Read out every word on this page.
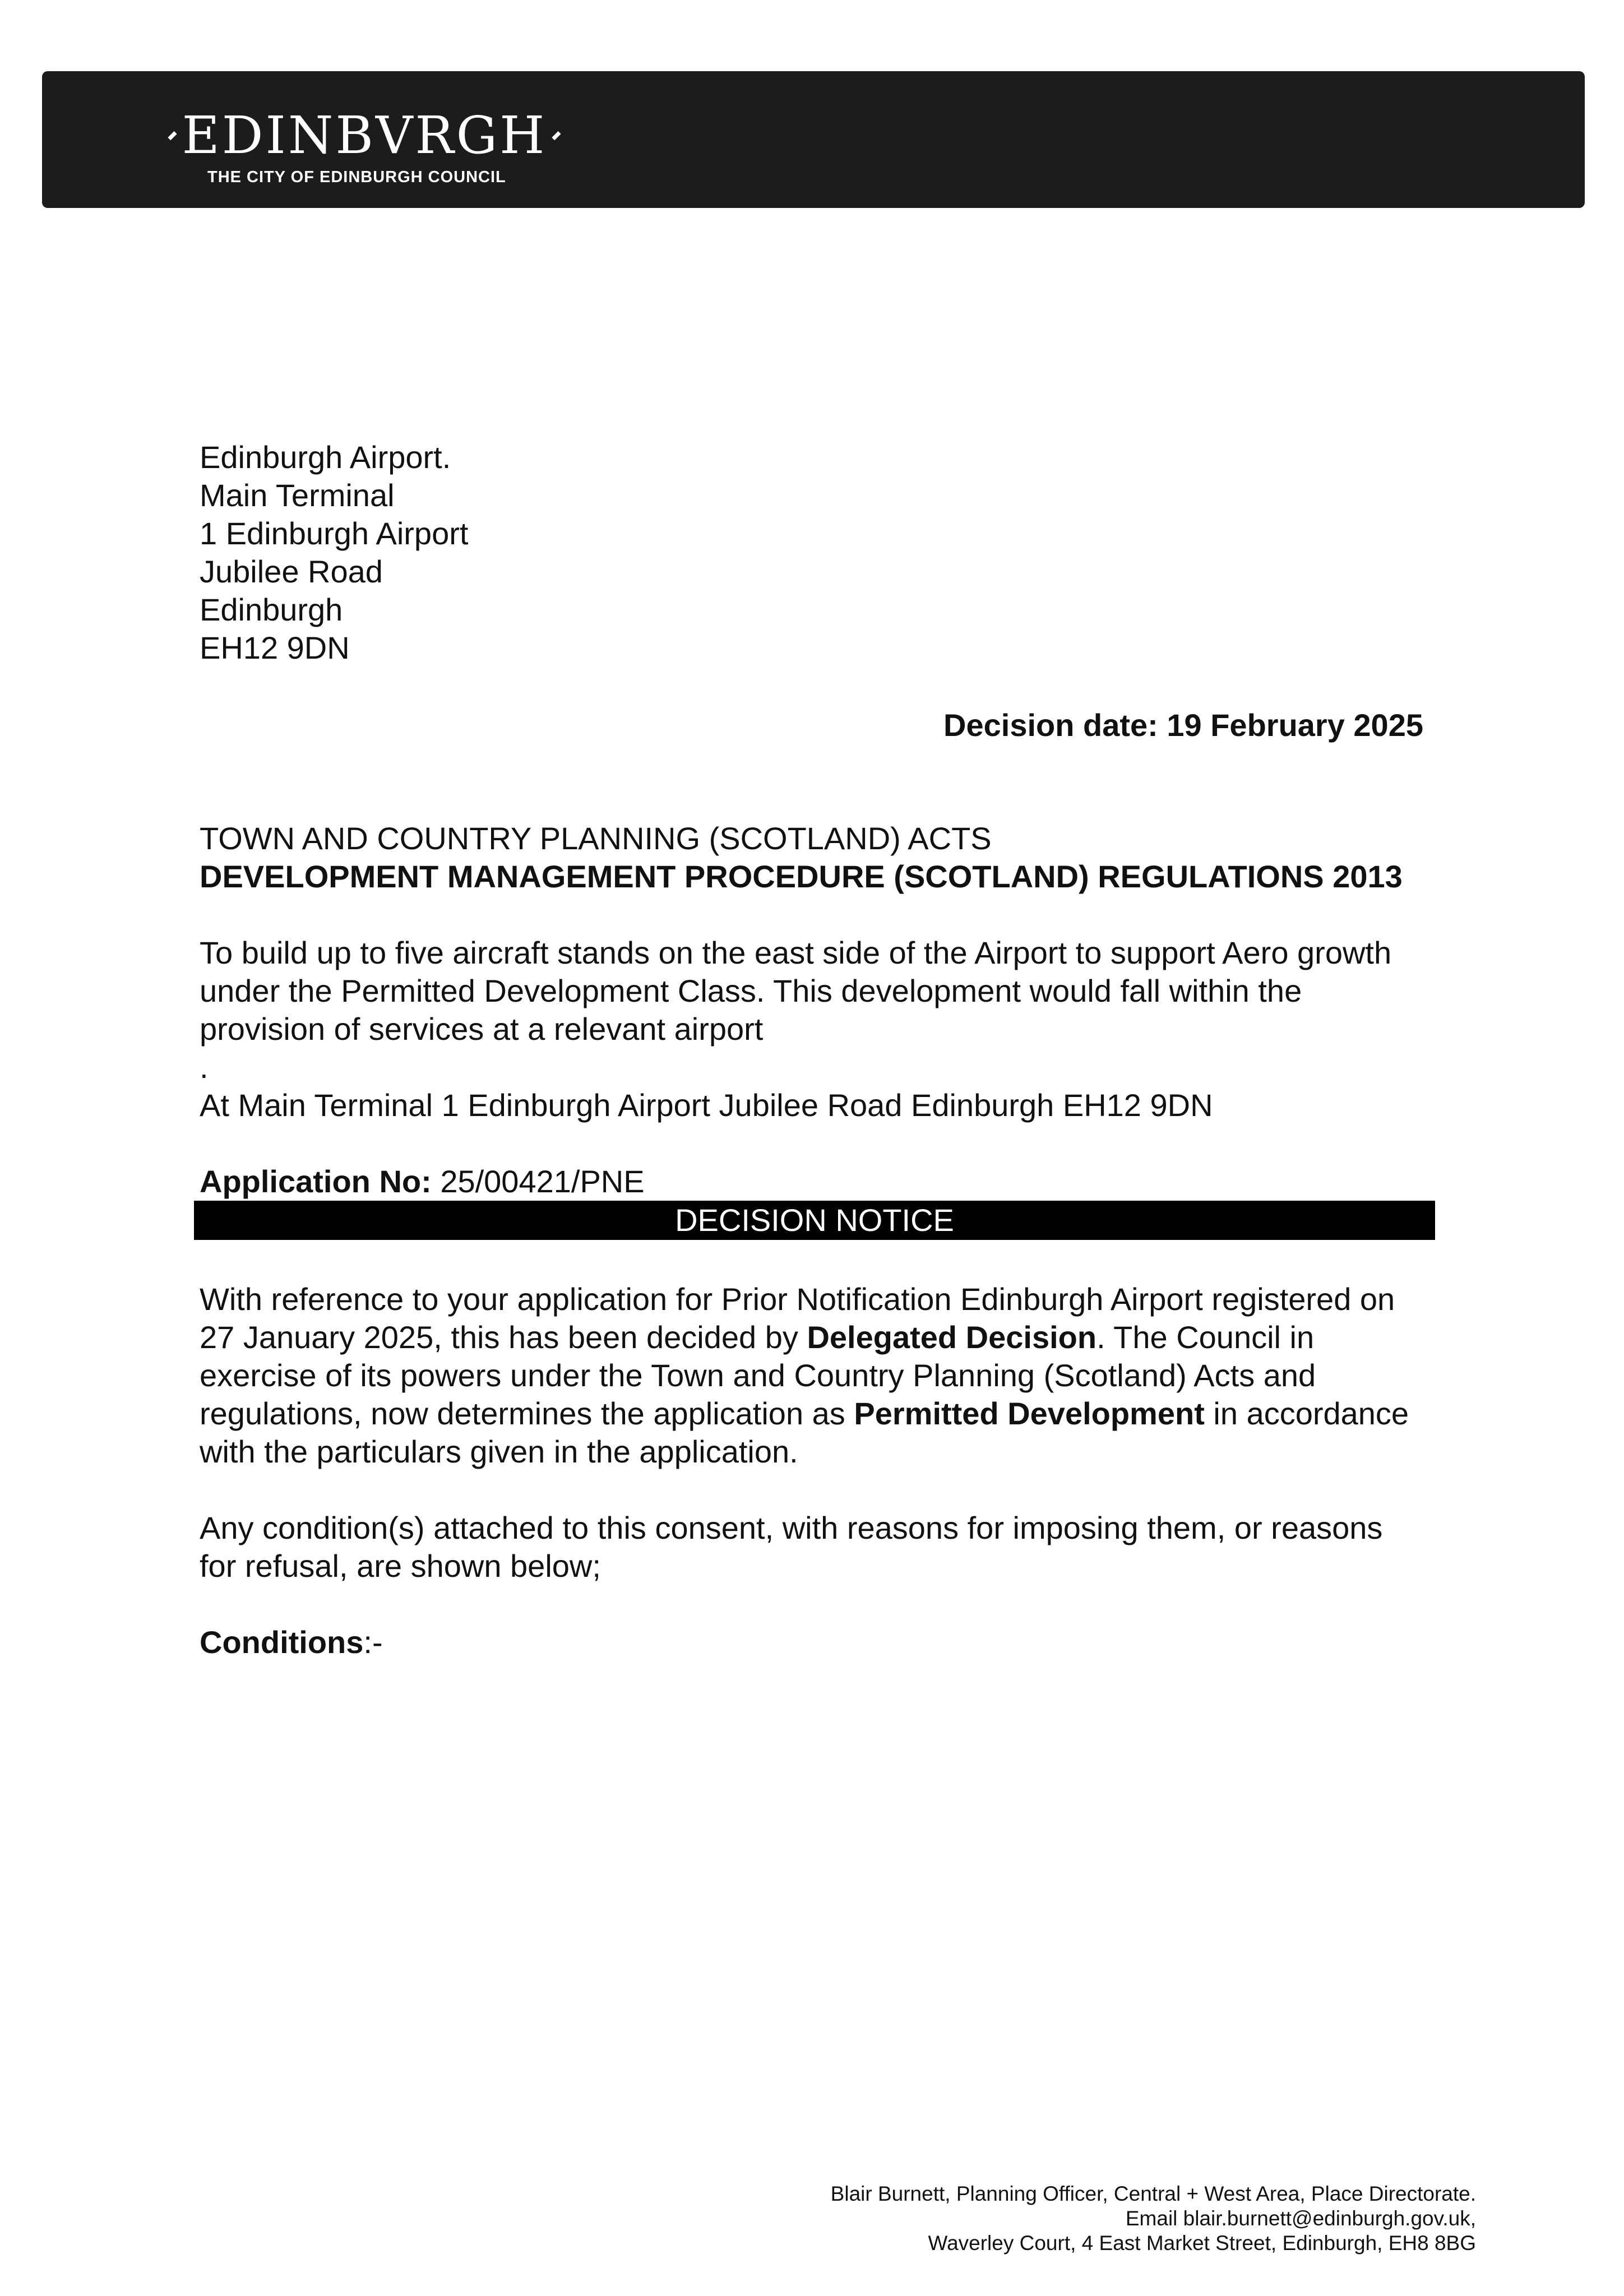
EDINBVRGH
THE CITY OF EDINBURGH COUNCIL
Edinburgh Airport.
Main Terminal
1 Edinburgh Airport
Jubilee Road
Edinburgh
EH12 9DN
Decision date: 19 February 2025
TOWN AND COUNTRY PLANNING (SCOTLAND) ACTS
DEVELOPMENT MANAGEMENT PROCEDURE (SCOTLAND) REGULATIONS 2013
To build up to five aircraft stands on the east side of the Airport to support Aero growth
under the Permitted Development Class. This development would fall within the
provision of services at a relevant airport
.
At Main Terminal 1 Edinburgh Airport Jubilee Road Edinburgh EH12 9DN
Application No: 25/00421/PNE
DECISION NOTICE
With reference to your application for Prior Notification Edinburgh Airport registered on
27 January 2025, this has been decided by Delegated Decision. The Council in
exercise of its powers under the Town and Country Planning (Scotland) Acts and
regulations, now determines the application as Permitted Development in accordance
with the particulars given in the application.
Any condition(s) attached to this consent, with reasons for imposing them, or reasons
for refusal, are shown below;
Conditions:-
Blair Burnett, Planning Officer, Central + West Area, Place Directorate.
Email blair.burnett@edinburgh.gov.uk,
Waverley Court, 4 East Market Street, Edinburgh, EH8 8BG
